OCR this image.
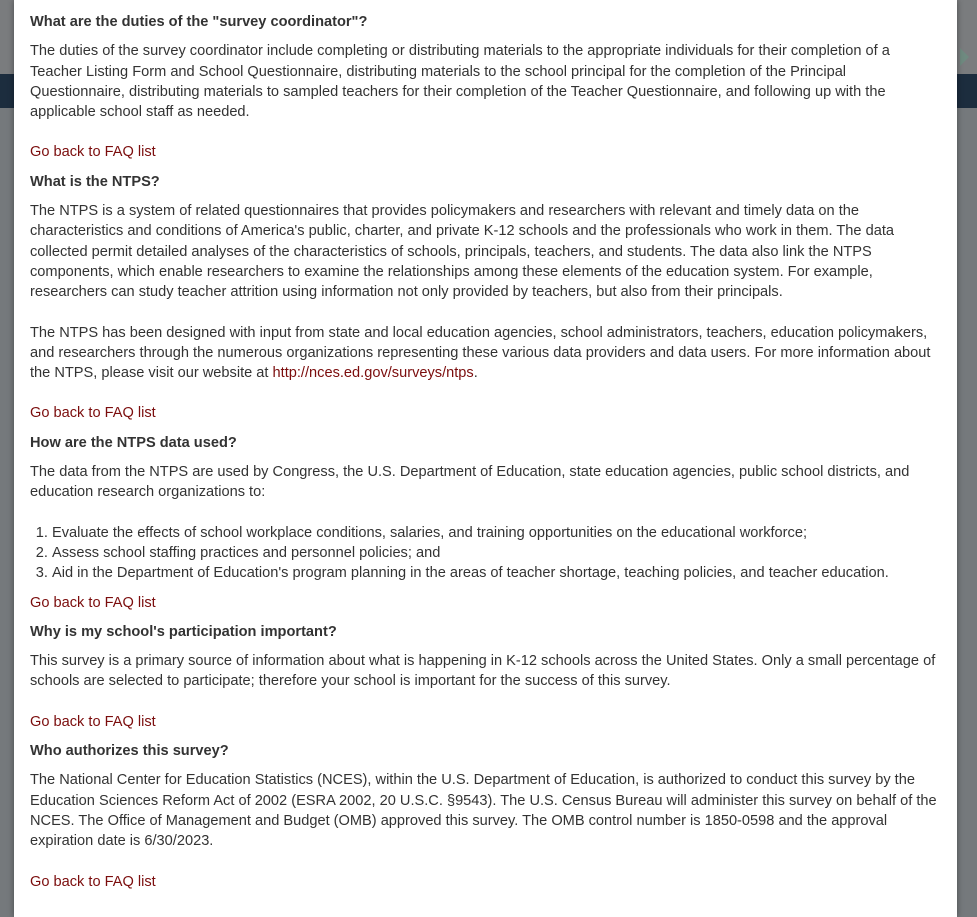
What are the duties of the "survey coordinator"?

The duties of the survey coordinator include completing or distributing materials to the appropriate individuals for their completion of a Teacher Listing Form and School Questionnaire, distributing materials to the school principal for the completion of the Principal Questionnaire, distributing materials to sampled teachers for their completion of the Teacher Questionnaire, and following up with the applicable school staff as needed.

Go back to FAQ list
What is the NTPS?

The NTPS is a system of related questionnaires that provides policymakers and researchers with relevant and timely data on the characteristics and conditions of America's public, charter, and private K-12 schools and the professionals who work in them. The data collected permit detailed analyses of the characteristics of schools, principals, teachers, and students. The data also link the NTPS components, which enable researchers to examine the relationships among these elements of the education system. For example, researchers can study teacher attrition using information not only provided by teachers, but also from their principals.

The NTPS has been designed with input from state and local education agencies, school administrators, teachers, education policymakers, and researchers through the numerous organizations representing these various data providers and data users. For more information about the NTPS, please visit our website at http://nces.ed.gov/surveys/ntps.

Go back to FAQ list
How are the NTPS data used?

The data from the NTPS are used by Congress, the U.S. Department of Education, state education agencies, public school districts, and education research organizations to:

1. Evaluate the effects of school workplace conditions, salaries, and training opportunities on the educational workforce;
2. Assess school staffing practices and personnel policies; and
3. Aid in the Department of Education's program planning in the areas of teacher shortage, teaching policies, and teacher education.
Go back to FAQ list
Why is my school's participation important?

This survey is a primary source of information about what is happening in K-12 schools across the United States. Only a small percentage of schools are selected to participate; therefore your school is important for the success of this survey.

Go back to FAQ list
Who authorizes this survey?

The National Center for Education Statistics (NCES), within the U.S. Department of Education, is authorized to conduct this survey by the Education Sciences Reform Act of 2002 (ESRA 2002, 20 U.S.C. §9543). The U.S. Census Bureau will administer this survey on behalf of the NCES. The Office of Management and Budget (OMB) approved this survey. The OMB control number is 1850-0598 and the approval expiration date is 6/30/2023.

Go back to FAQ list
